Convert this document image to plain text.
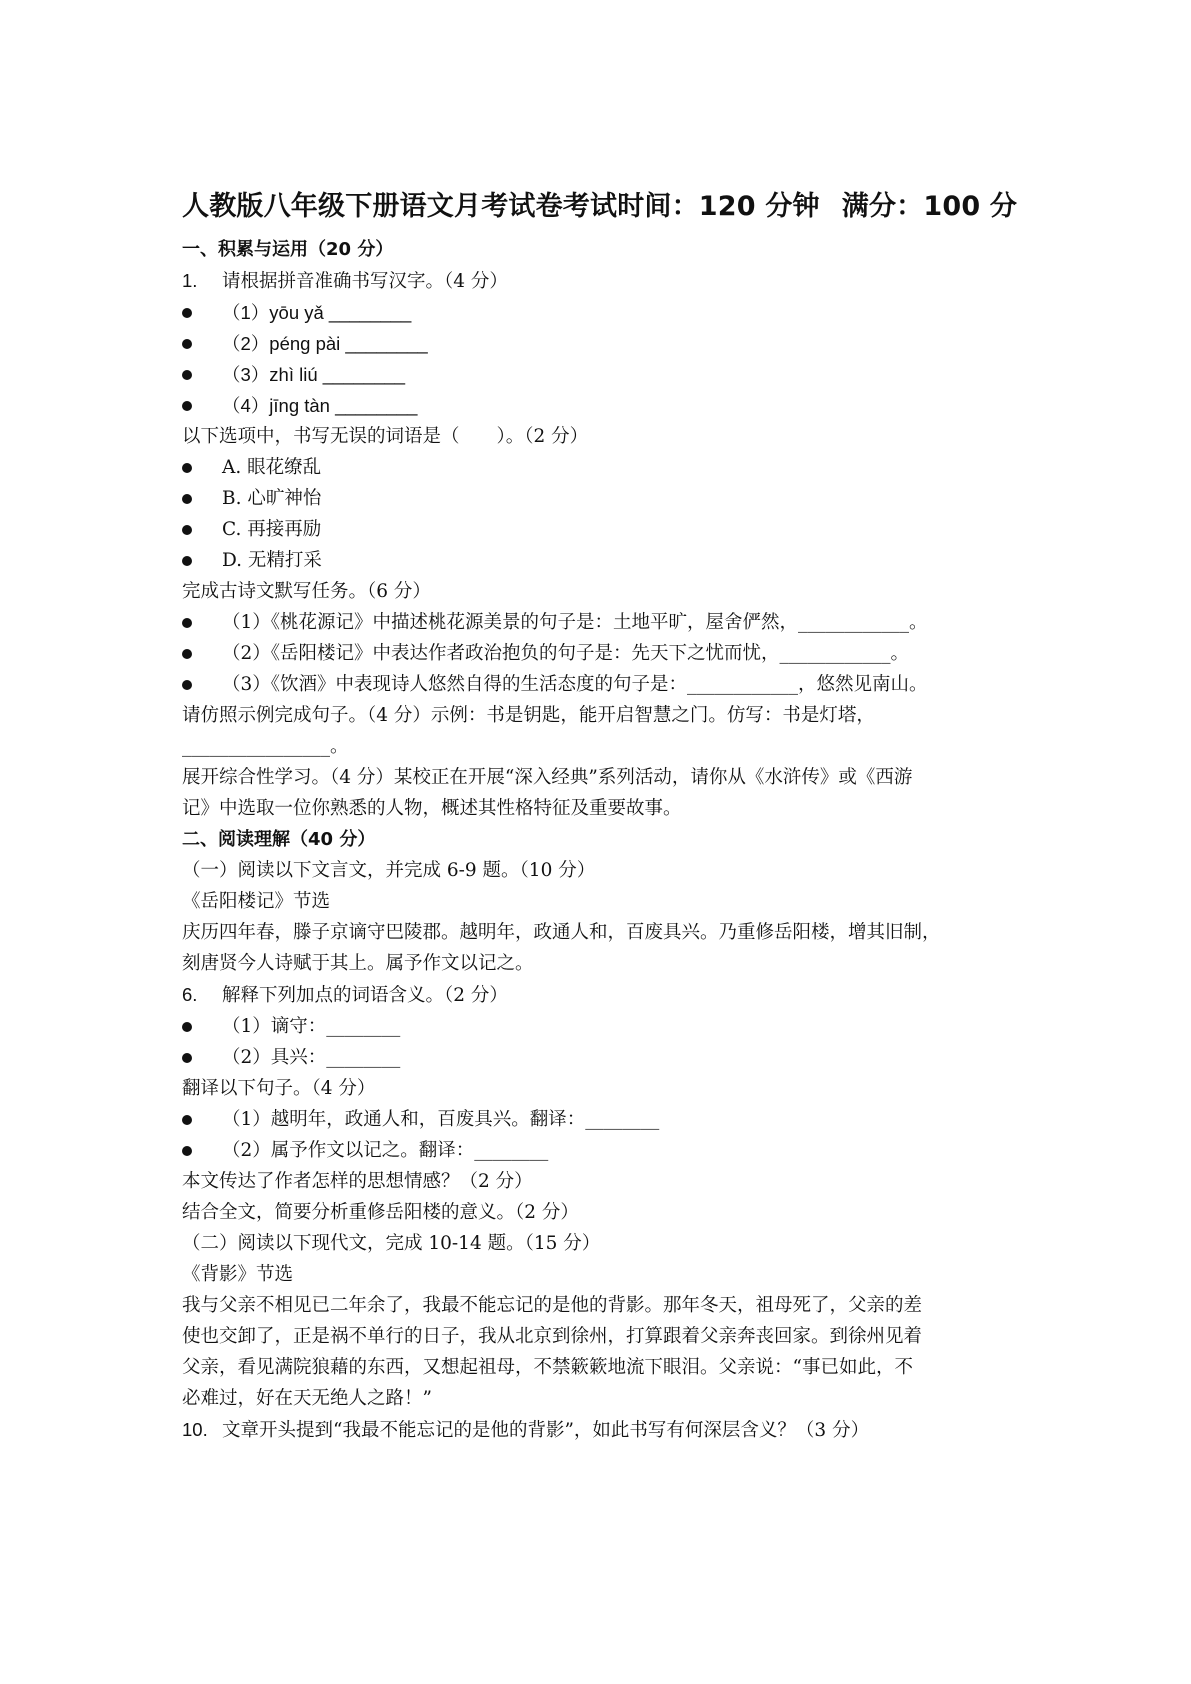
人教版八年级下册语文月考试卷考试时间：120 分钟 满分：100 分
一、积累与运用（20 分）
1. 请根据拼音准确书写汉字。（4 分）
（1）yōu yǎ ________
（2）péng pài ________
（3）zhì liú ________
（4）jīng tàn ________
以下选项中，书写无误的词语是（　　）。（2 分）
A. 眼花缭乱
B. 心旷神怡
C. 再接再励
D. 无精打采
完成古诗文默写任务。（6 分）
（1）《桃花源记》中描述桃花源美景的句子是：土地平旷，屋舍俨然，____________。
（2）《岳阳楼记》中表达作者政治抱负的句子是：先天下之忧而忧，____________。
（3）《饮酒》中表现诗人悠然自得的生活态度的句子是：____________，悠然见南山。
请仿照示例完成句子。（4 分）示例：书是钥匙，能开启智慧之门。仿写：书是灯塔，
________________。
展开综合性学习。（4 分）某校正在开展“深入经典”系列活动，请你从《水浒传》或《西游
记》中选取一位你熟悉的人物，概述其性格特征及重要故事。
二、阅读理解（40 分）
（一）阅读以下文言文，并完成 6-9 题。（10 分）
《岳阳楼记》节选
庆历四年春，滕子京谪守巴陵郡。越明年，政通人和，百废具兴。乃重修岳阳楼，增其旧制，
刻唐贤今人诗赋于其上。属予作文以记之。
6. 解释下列加点的词语含义。（2 分）
（1）谪守：________
（2）具兴：________
翻译以下句子。（4 分）
（1）越明年，政通人和，百废具兴。翻译：________
（2）属予作文以记之。翻译：________
本文传达了作者怎样的思想情感？（2 分）
结合全文，简要分析重修岳阳楼的意义。（2 分）
（二）阅读以下现代文，完成 10-14 题。（15 分）
《背影》节选
我与父亲不相见已二年余了，我最不能忘记的是他的背影。那年冬天，祖母死了，父亲的差
使也交卸了，正是祸不单行的日子，我从北京到徐州，打算跟着父亲奔丧回家。到徐州见着
父亲，看见满院狼藉的东西，又想起祖母，不禁簌簌地流下眼泪。父亲说：“事已如此，不
必难过，好在天无绝人之路！”
10. 文章开头提到“我最不能忘记的是他的背影”，如此书写有何深层含义？（3 分）
